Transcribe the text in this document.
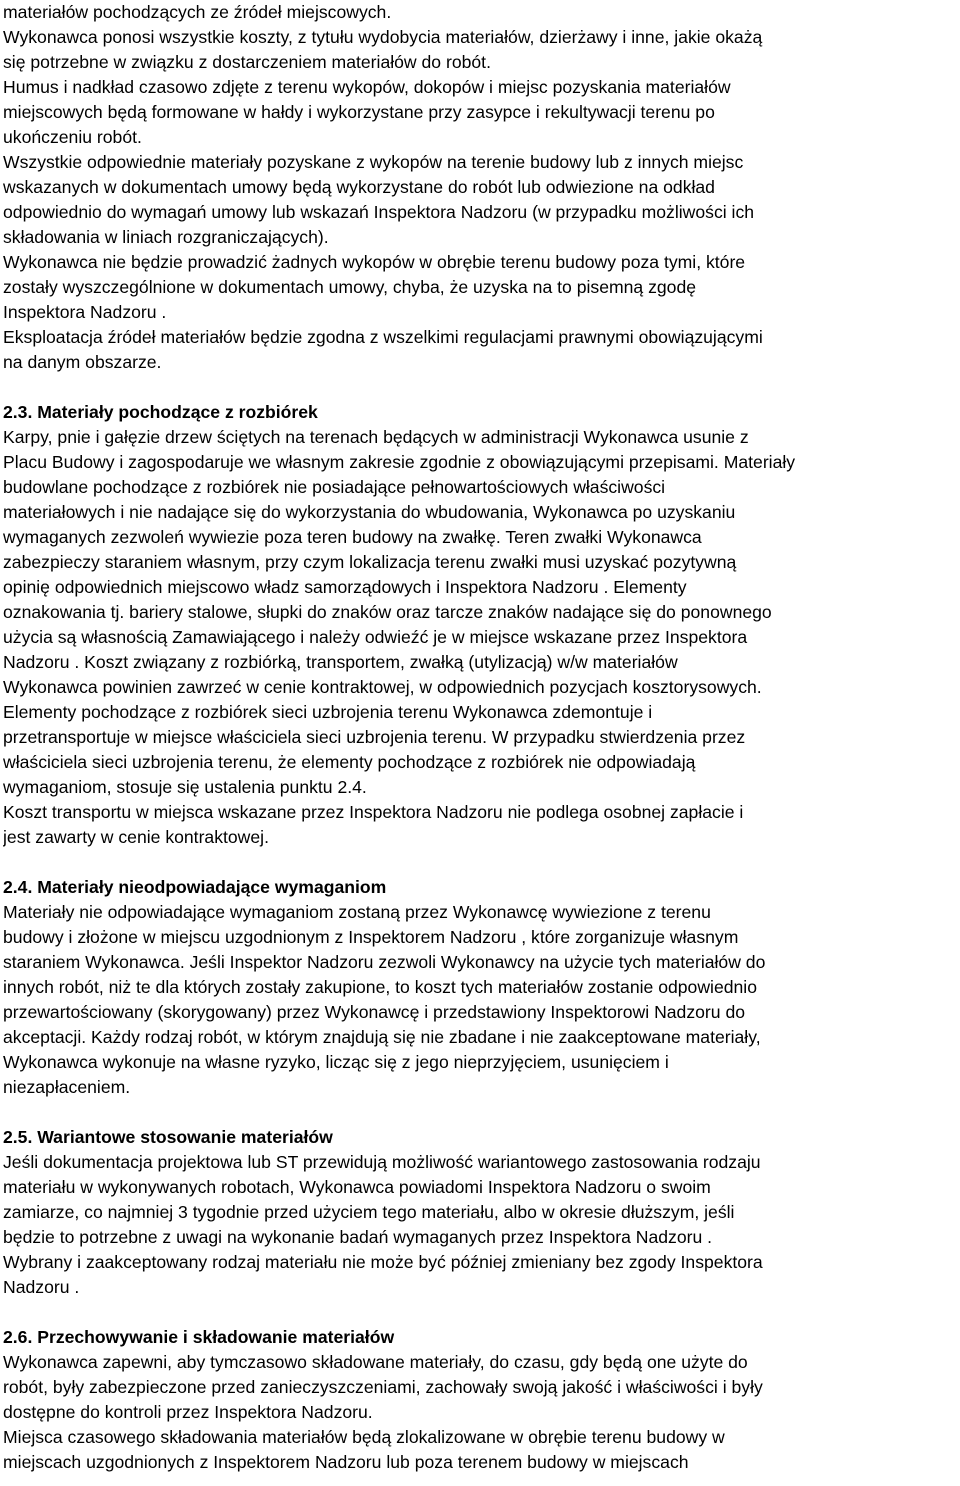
materiałów pochodzących ze źródeł miejscowych.
Wykonawca ponosi wszystkie koszty, z tytułu wydobycia materiałów, dzierżawy i inne, jakie okażą
się potrzebne w związku z dostarczeniem materiałów do robót.
Humus i nadkład czasowo zdjęte z terenu wykopów, dokopów i miejsc pozyskania materiałów
miejscowych będą formowane w hałdy i wykorzystane przy zasypce i rekultywacji terenu po
ukończeniu robót.
Wszystkie odpowiednie materiały pozyskane z wykopów na terenie budowy lub z innych miejsc
wskazanych w dokumentach umowy będą wykorzystane do robót lub odwiezione na odkład
odpowiednio do wymagań umowy lub wskazań Inspektora Nadzoru (w przypadku możliwości ich
składowania w liniach rozgraniczających).
Wykonawca nie będzie prowadzić żadnych wykopów w obrębie terenu budowy poza tymi, które
zostały wyszczególnione w dokumentach umowy, chyba, że uzyska na to pisemną zgodę
Inspektora Nadzoru .
Eksploatacja źródeł materiałów będzie zgodna z wszelkimi regulacjami prawnymi obowiązującymi
na danym obszarze.
2.3. Materiały pochodzące z rozbiórek
Karpy, pnie i gałęzie drzew ściętych na terenach będących w administracji Wykonawca usunie z
Placu Budowy i zagospodaruje we własnym zakresie zgodnie z obowiązującymi przepisami. Materiały
budowlane pochodzące z rozbiórek nie posiadające pełnowartościowych właściwości
materiałowych i nie nadające się do wykorzystania do wbudowania, Wykonawca po uzyskaniu
wymaganych zezwoleń wywiezie poza teren budowy na zwałkę. Teren zwałki Wykonawca
zabezpieczy staraniem własnym, przy czym lokalizacja terenu zwałki musi uzyskać pozytywną
opinię odpowiednich miejscowo władz samorządowych i Inspektora Nadzoru . Elementy
oznakowania tj. bariery stalowe, słupki do znaków oraz tarcze znaków nadające się do ponownego
użycia są własnością Zamawiającego i należy odwieźć je w miejsce wskazane przez Inspektora
Nadzoru . Koszt związany z rozbiórką, transportem, zwałką (utylizacją) w/w materiałów
Wykonawca powinien zawrzeć w cenie kontraktowej, w odpowiednich pozycjach kosztorysowych.
Elementy pochodzące z rozbiórek sieci uzbrojenia terenu Wykonawca zdemontuje i
przetransportuje w miejsce właściciela sieci uzbrojenia terenu. W przypadku stwierdzenia przez
właściciela sieci uzbrojenia terenu, że elementy pochodzące z rozbiórek nie odpowiadają
wymaganiom, stosuje się ustalenia punktu 2.4.
Koszt transportu w miejsca wskazane przez Inspektora Nadzoru nie podlega osobnej zapłacie i
jest zawarty w cenie kontraktowej.
2.4. Materiały nieodpowiadające wymaganiom
Materiały nie odpowiadające wymaganiom zostaną przez Wykonawcę wywiezione z terenu
budowy i złożone w miejscu uzgodnionym z Inspektorem Nadzoru , które zorganizuje własnym
staraniem Wykonawca. Jeśli Inspektor Nadzoru zezwoli Wykonawcy na użycie tych materiałów do
innych robót, niż te dla których zostały zakupione, to koszt tych materiałów zostanie odpowiednio
przewartościowany (skorygowany) przez Wykonawcę i przedstawiony Inspektorowi Nadzoru do
akceptacji. Każdy rodzaj robót, w którym znajdują się nie zbadane i nie zaakceptowane materiały,
Wykonawca wykonuje na własne ryzyko, licząc się z jego nieprzyjęciem, usunięciem i
niezapłaceniem.
2.5. Wariantowe stosowanie materiałów
Jeśli dokumentacja projektowa lub ST przewidują możliwość wariantowego zastosowania rodzaju
materiału w wykonywanych robotach, Wykonawca powiadomi Inspektora Nadzoru o swoim
zamiarze, co najmniej 3 tygodnie przed użyciem tego materiału, albo w okresie dłuższym, jeśli
będzie to potrzebne z uwagi na wykonanie badań wymaganych przez Inspektora Nadzoru .
Wybrany i zaakceptowany rodzaj materiału nie może być później zmieniany bez zgody Inspektora
Nadzoru .
2.6. Przechowywanie i składowanie materiałów
Wykonawca zapewni, aby tymczasowo składowane materiały, do czasu, gdy będą one użyte do
robót, były zabezpieczone przed zanieczyszczeniami, zachowały swoją jakość i właściwości i były
dostępne do kontroli przez Inspektora Nadzoru.
Miejsca czasowego składowania materiałów będą zlokalizowane w obrębie terenu budowy w
miejscach uzgodnionych z Inspektorem Nadzoru lub poza terenem budowy w miejscach
